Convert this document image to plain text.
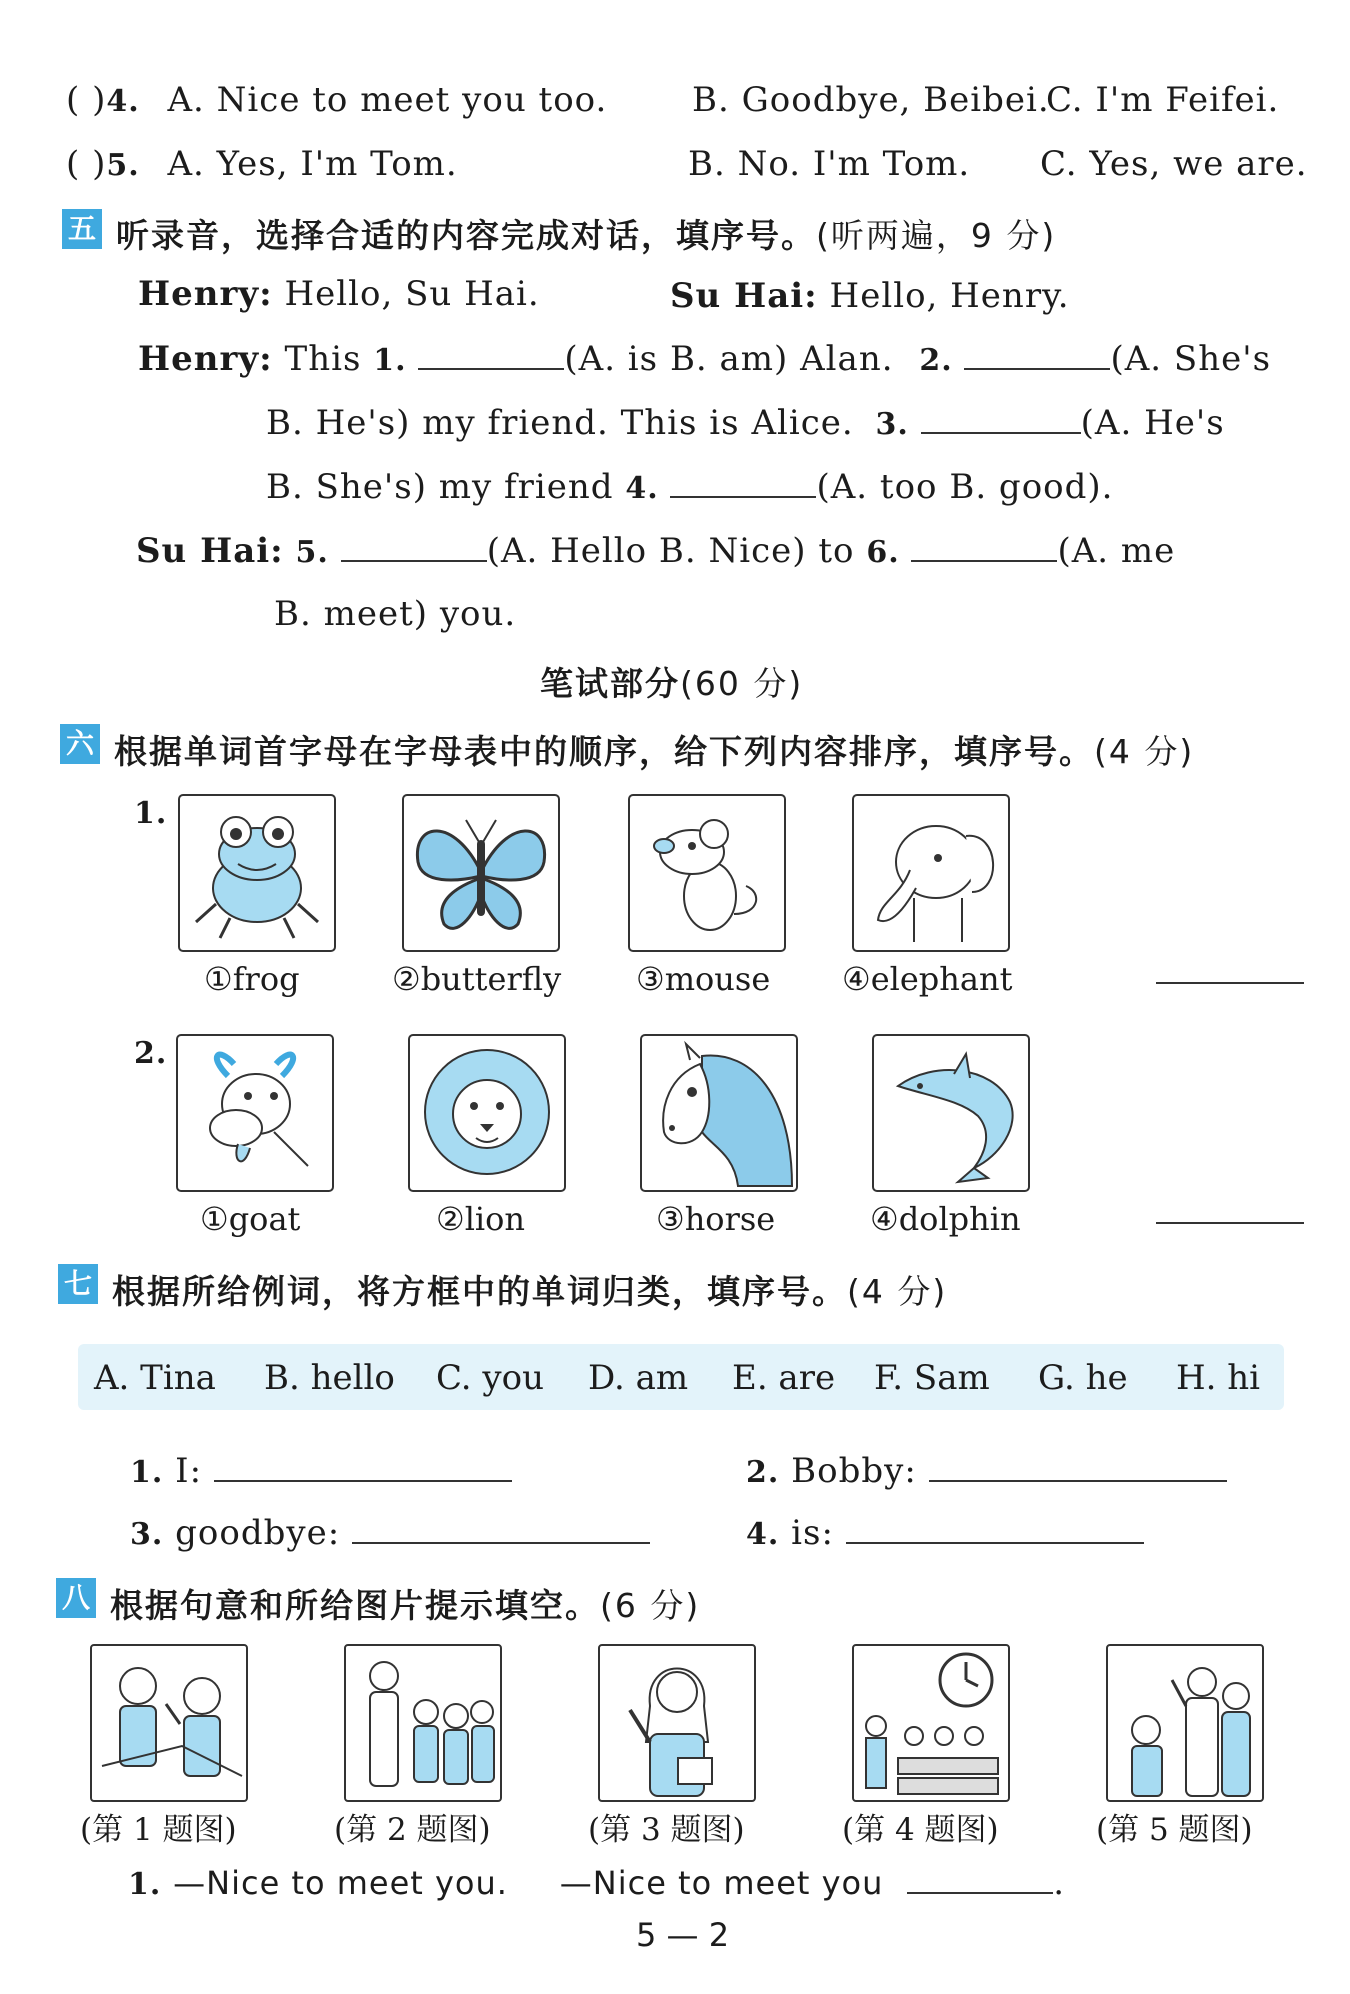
( )4. A. Nice to meet you too. B. Goodbye, Beibei.
C. I'm Feifei.
( )5. A. Yes, I'm Tom.	B. No. I'm Tom. C. Yes, we are.
五 听录音，选择合适的内容完成对话，填序号。(听两遍，9 分)
Henry: Hello, Su Hai.	Su Hai: Hello, Henry.
Henry: This 1.	(A. is B. am) Alan. 2.	(A. She's
B. He's) my friend. This is Alice. 3.	(A. He's
B. She's) my friend 4.	(A. too B. good).
Su Hai: 5.	(A. Hello B. Nice) to 6.	(A. me
B. meet) you.
笔试部分(60 分)
六 根据单词首字母在字母表中的顺序，给下列内容排序，填序号。(4 分)
1.
①frog	②butterfly ③mouse ④elephant
2.
①goat	②lion	③horse	④dolphin
七 根据所给例词，将方框中的单词归类，填序号。(4 分)
A. Tina B. hello C. you D. am E. are F. Sam G. he H. hi
1. I:	2. Bobby:
3. goodbye:	4. is:
八 根据句意和所给图片提示填空。(6 分)
(第 1 题图)	(第 2 题图)	(第 3 题图)	(第 4 题图)	(第 5 题图)
1. —Nice to meet you. —Nice to meet you	.
5 — 2
